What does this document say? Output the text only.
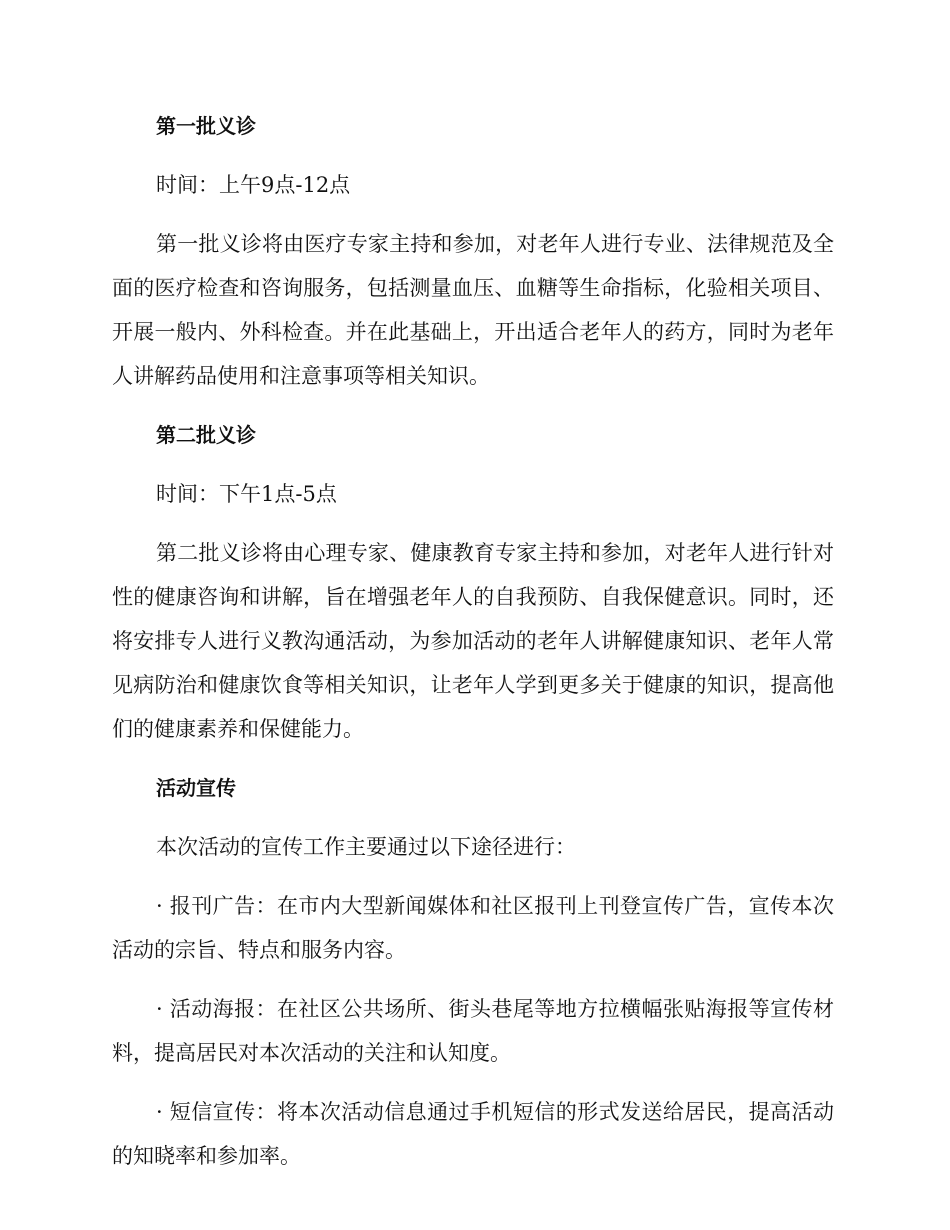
第一批义诊
时间：上午9点-12点
第一批义诊将由医疗专家主持和参加，对老年人进行专业、法律规范及全面的医疗检查和咨询服务，包括测量血压、血糖等生命指标，化验相关项目、开展一般内、外科检查。并在此基础上，开出适合老年人的药方，同时为老年人讲解药品使用和注意事项等相关知识。
第二批义诊
时间：下午1点-5点
第二批义诊将由心理专家、健康教育专家主持和参加，对老年人进行针对性的健康咨询和讲解，旨在增强老年人的自我预防、自我保健意识。同时，还将安排专人进行义教沟通活动，为参加活动的老年人讲解健康知识、老年人常见病防治和健康饮食等相关知识，让老年人学到更多关于健康的知识，提高他们的健康素养和保健能力。
活动宣传
本次活动的宣传工作主要通过以下途径进行：
· 报刊广告：在市内大型新闻媒体和社区报刊上刊登宣传广告，宣传本次活动的宗旨、特点和服务内容。
· 活动海报：在社区公共场所、街头巷尾等地方拉横幅张贴海报等宣传材料，提高居民对本次活动的关注和认知度。
· 短信宣传：将本次活动信息通过手机短信的形式发送给居民，提高活动的知晓率和参加率。
